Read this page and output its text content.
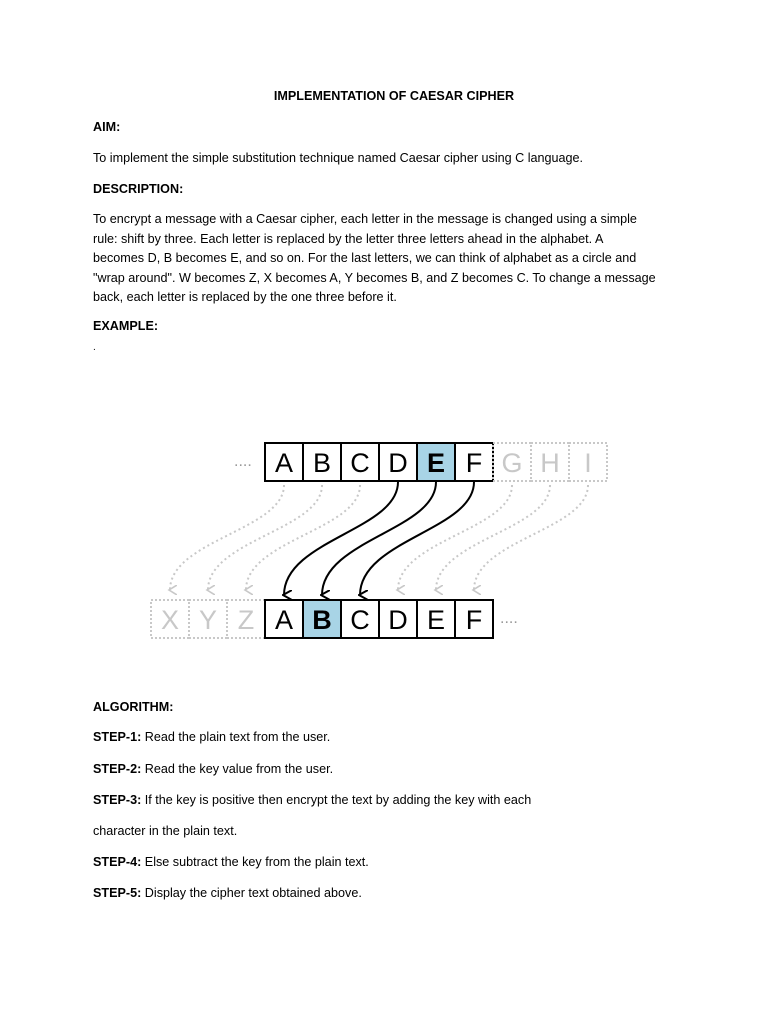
IMPLEMENTATION OF CAESAR CIPHER
AIM:
To implement the simple substitution technique named Caesar cipher using C language.
DESCRIPTION:
To encrypt a message with a Caesar cipher, each letter in the message is changed using a simple
rule: shift by three. Each letter is replaced by the letter three letters ahead in the alphabet. A
becomes D, B becomes E, and so on. For the last letters, we can think of alphabet as a circle and
"wrap around". W becomes Z, X becomes A, Y becomes B, and Z becomes C. To change a message
back, each letter is replaced by the one three before it.
EXAMPLE:
.
.... A B C D E F G H I
X Y Z A B C D E F ....
ALGORITHM:
STEP-1: Read the plain text from the user.
STEP-2: Read the key value from the user.
STEP-3: If the key is positive then encrypt the text by adding the key with each
character in the plain text.
STEP-4: Else subtract the key from the plain text.
STEP-5: Display the cipher text obtained above.
